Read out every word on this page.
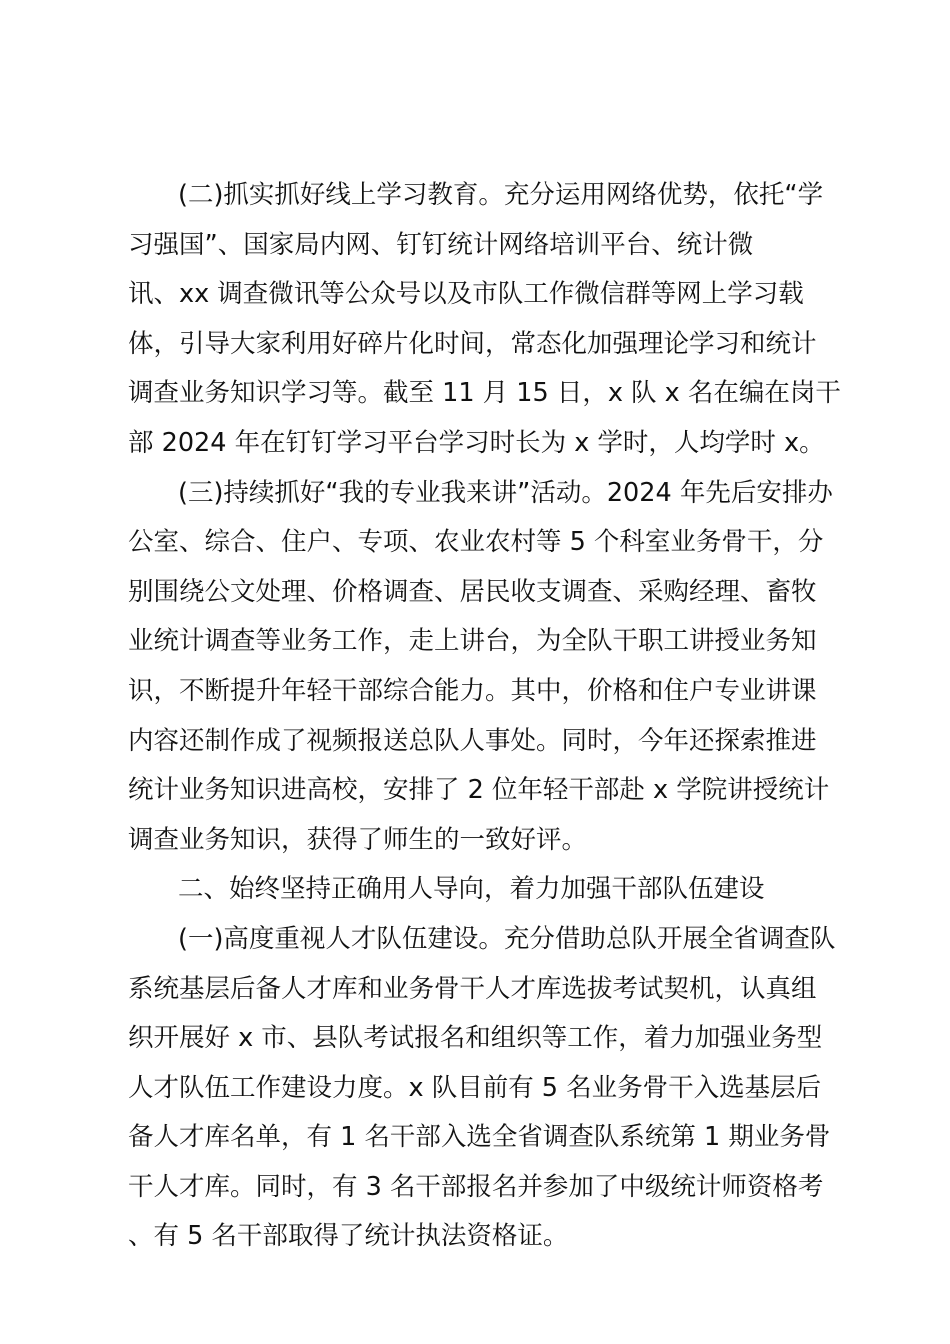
(二)抓实抓好线上学习教育。充分运用网络优势，依托“学
习强国”、国家局内网、钉钉统计网络培训平台、统计微
讯、xx 调查微讯等公众号以及市队工作微信群等网上学习载
体，引导大家利用好碎片化时间，常态化加强理论学习和统计
调查业务知识学习等。截至 11 月 15 日，x 队 x 名在编在岗干
部 2024 年在钉钉学习平台学习时长为 x 学时，人均学时 x。
(三)持续抓好“我的专业我来讲”活动。2024 年先后安排办
公室、综合、住户、专项、农业农村等 5 个科室业务骨干，分
别围绕公文处理、价格调查、居民收支调查、采购经理、畜牧
业统计调查等业务工作，走上讲台，为全队干职工讲授业务知
识，不断提升年轻干部综合能力。其中，价格和住户专业讲课
内容还制作成了视频报送总队人事处。同时，今年还探索推进
统计业务知识进高校，安排了 2 位年轻干部赴 x 学院讲授统计
调查业务知识，获得了师生的一致好评。
二、始终坚持正确用人导向，着力加强干部队伍建设
(一)高度重视人才队伍建设。充分借助总队开展全省调查队
系统基层后备人才库和业务骨干人才库选拔考试契机，认真组
织开展好 x 市、县队考试报名和组织等工作，着力加强业务型
人才队伍工作建设力度。x 队目前有 5 名业务骨干入选基层后
备人才库名单，有 1 名干部入选全省调查队系统第 1 期业务骨
干人才库。同时，有 3 名干部报名并参加了中级统计师资格考
、有 5 名干部取得了统计执法资格证。
